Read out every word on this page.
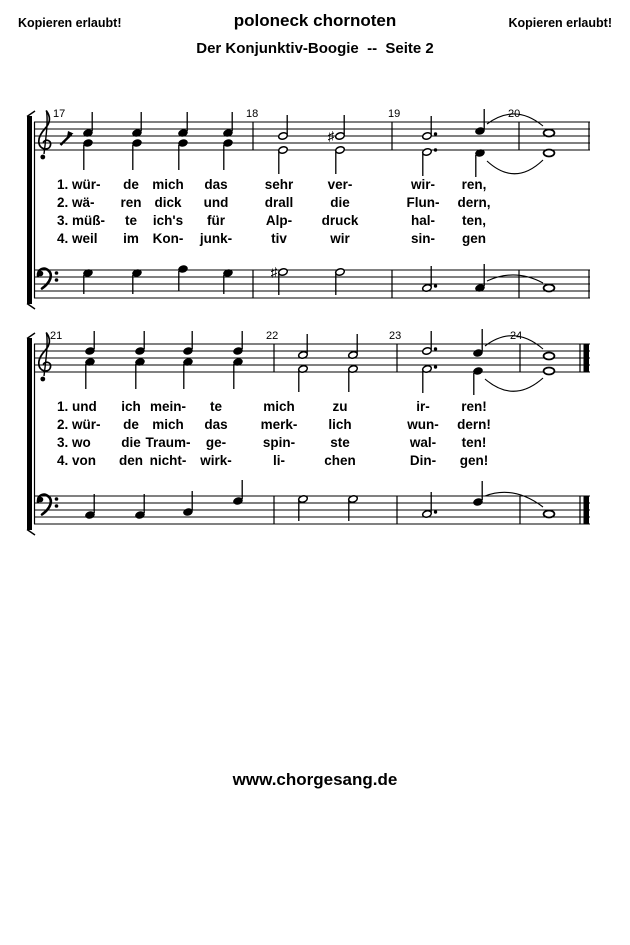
Kopieren erlaubt!	poloneck chornoten	Kopieren erlaubt!
Der Konjunktiv-Boogie  --  Seite 2
17	18	19	20
♯
♯
21	22	23	24
1. wür- de mich das	sehr	ver-	wir- ren,
2. wä- ren dick und	drall	die	Flun- dern,
3. müß- te ich's für	Alp- druck	hal- ten,
4. weil im Kon- junk-	tiv	wir	sin- gen
1. und ich mein- te	mich	zu	ir- ren!
2. wür- de mich das merk- lich	wun- dern!
3. wo die Traum- ge-	spin-	ste	wal- ten!
4. von den nicht- wirk-	li-	chen	Din- gen!
www.chorgesang.de
